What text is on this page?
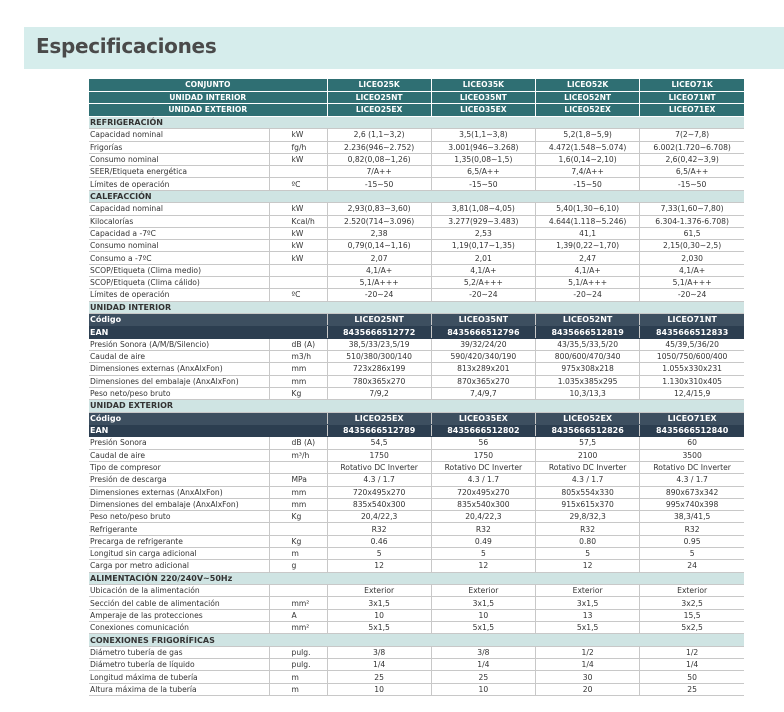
Especificaciones
CONJUNTO		LICEO25K	LICEO35K	LICEO52K	LICEO71K
UNIDAD INTERIOR		LICEO25NT	LICEO35NT	LICEO52NT	LICEO71NT
UNIDAD EXTERIOR		LICEO25EX	LICEO35EX	LICEO52EX	LICEO71EX
REFRIGERACIÓN					
Capacidad nominal	kW	2,6 (1,1~3,2)	3,5(1,1~3,8)	5,2(1,8~5,9)	7(2~7,8)
Frigorías	fg/h	2.236(946~2.752)	3.001(946~3.268)	4.472(1.548~5.074)	6.002(1.720~6.708)
Consumo nominal	kW	0,82(0,08~1,26)	1,35(0,08~1,5)	1,6(0,14~2,10)	2,6(0,42~3,9)
SEER/Etiqueta energética		7/A++	6,5/A++	7,4/A++	6,5/A++
Límites de operación	ºC	-15~50	-15~50	-15~50	-15~50
CALEFACCIÓN					
Capacidad nominal	kW	2,93(0,83~3,60)	3,81(1,08~4,05)	5,40(1,30~6,10)	7,33(1,60~7,80)
Kilocalorías	Kcal/h	2.520(714~3.096)	3.277(929~3.483)	4.644(1.118~5.246)	6.304-1.376-6.708)
Capacidad a -7ºC	kW	2,38	2,53	41,1	61,5
Consumo nominal	kW	0,79(0,14~1,16)	1,19(0,17~1,35)	1,39(0,22~1,70)	2,15(0,30~2,5)
Consumo a -7ºC	kW	2,07	2,01	2,47	2,030
SCOP/Etiqueta (Clima medio)		4,1/A+	4,1/A+	4,1/A+	4,1/A+
SCOP/Etiqueta (Clima cálido)		5,1/A+++	5,2/A+++	5,1/A+++	5,1/A+++
Límites de operación	ºC	-20~24	-20~24	-20~24	-20~24
UNIDAD INTERIOR					
Código		LICEO25NT	LICEO35NT	LICEO52NT	LICEO71NT
EAN		8435666512772	8435666512796	8435666512819	8435666512833
Presión Sonora (A/M/B/Silencio)	dB (A)	38,5/33/23,5/19	39/32/24/20	43/35,5/33,5/20	45/39,5/36/20
Caudal de aire	m3/h	510/380/300/140	590/420/340/190	800/600/470/340	1050/750/600/400
Dimensiones externas (AnxAlxFon)	mm	723x286x199	813x289x201	975x308x218	1.055x330x231
Dimensiones del embalaje (AnxAlxFon)	mm	780x365x270	870x365x270	1.035x385x295	1.130x310x405
Peso neto/peso bruto	Kg	7/9,2	7,4/9,7	10,3/13,3	12,4/15,9
UNIDAD EXTERIOR					
Código		LICEO25EX	LICEO35EX	LICEO52EX	LICEO71EX
EAN		8435666512789	8435666512802	8435666512826	8435666512840
Presión Sonora	dB (A)	54,5	56	57,5	60
Caudal de aire	m³/h	1750	1750	2100	3500
Tipo de compresor		Rotativo DC Inverter	Rotativo DC Inverter	Rotativo DC Inverter	Rotativo DC Inverter
Presión de descarga	MPa	4.3 / 1.7	4.3 / 1.7	4.3 / 1.7	4.3 / 1.7
Dimensiones externas (AnxAlxFon)	mm	720x495x270	720x495x270	805x554x330	890x673x342
Dimensiones del embalaje (AnxAlxFon)	mm	835x540x300	835x540x300	915x615x370	995x740x398
Peso neto/peso bruto	Kg	20,4/22,3	20,4/22,3	29,8/32,3	38,3/41,5
Refrigerante		R32	R32	R32	R32
Precarga de refrigerante	Kg	0.46	0.49	0.80	0.95
Longitud sin carga adicional	m	5	5	5	5
Carga por metro adicional	g	12	12	12	24
ALIMENTACIÓN 220/240V~50Hz					
Ubicación de la alimentación		Exterior	Exterior	Exterior	Exterior
Sección del cable de alimentación	mm²	3x1,5	3x1,5	3x1,5	3x2,5
Amperaje de las protecciones	A	10	10	13	15,5
Conexiones comunicación	mm²	5x1,5	5x1,5	5x1,5	5x2,5
CONEXIONES FRIGORÍFICAS					
Diámetro tubería de gas	pulg.	3/8	3/8	1/2	1/2
Diámetro tubería de líquido	pulg.	1/4	1/4	1/4	1/4
Longitud máxima de tubería	m	25	25	30	50
Altura máxima de la tubería	m	10	10	20	25
